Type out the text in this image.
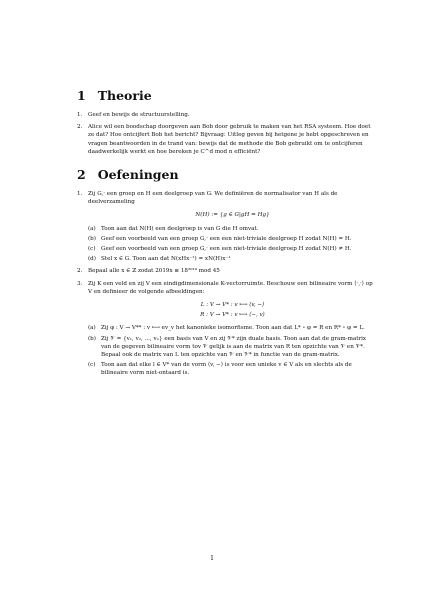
1 Theorie
1. Geef en bewijs de structuurstelling.
2. Alice wil een boodschap doorgeven aan Bob door gebruik te maken van het RSA systeem. Hoe doet ze dat? Hoe ontcijfert Bob het bericht? Bijvraag: Uitleg geven bij hetgene je hebt opgeschreven en vragen beantwoorden in de trand van: bewijs dat de methode die Bob gebruikt om te ontcijferen daadwerkelijk werkt en hoe bereken je C^d mod n efficiënt?
2 Oefeningen
1. Zij G,· een groep en H een deelgroep van G. We definiëren de normalisator van H als de deelverzameling
N(H) := {g ∈ G|gH = Hg}
(a) Toon aan dat N(H) een deelgroep is van G die H omvat.
(b) Geef een voorbeeld van een groep G,· een een niet-triviale deelgroep H zodat N(H) = H.
(c) Geef een voorbeeld van een groep G,· een een niet-triviale deelgroep H zodat N(H) ≠ H.
(d) Stel x ∈ G. Toon aan dat N(xHx⁻¹) = xN(H)x⁻¹
2. Bepaal alle x ∈ ℤ zodat 2019x ≡ 18²⁰¹⁹ mod 45
3. Zij K een veld en zij V een eindigdimensionale K-vectorruimte. Beschouw een bilineaire vorm ⟨·,·⟩ op V en definieer de volgende afbeeldingen:
L : V → V* : v ⟼ ⟨v, −⟩
R : V → V* : v ⟼ ⟨−, v⟩
(a) Zij φ : V → V** : v ⟼ ev_v het kanonieke isomorfisme. Toon aan dat L* ∘ φ = R en R* ∘ φ = L.
(b) Zij 𝒱 = {v₁, v₂, ..., vₙ} een basis van V en zij 𝒱* zijn duale basis. Toon aan dat de gram-matrix van de gegeven bilineaire vorm tov 𝒱 gelijk is aan de matrix van R ten opzichte van 𝒱 en 𝒱*. Bepaal ook de matrix van L ten opzichte van 𝒱 en 𝒱* in functie van de gram-matrix.
(c) Toon aan dat elke l ∈ V* van de vorm ⟨v, −⟩ is voor een unieke v ∈ V als en slechts als de bilineaire vorm niet-ontaard is.
1
